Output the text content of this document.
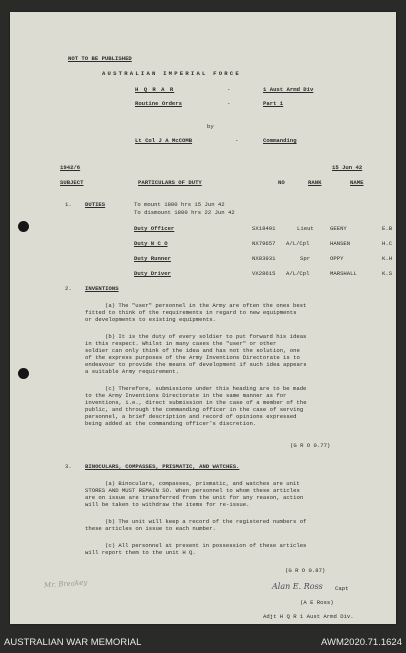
NOT TO BE PUBLISHED
AUSTRALIAN IMPERIAL FORCE
H Q R A R	-	1 Aust Armd Div
Routine Orders	-	Part 1
by
Lt Col J A McCOMB	-	Commanding
1942/6	15 Jun 42
SUBJECT	PARTICULARS OF DUTY	NO	RANK	NAME
1. DUTIES	To mount 1800 hrs 15 Jun 42
To dismount 1800 hrs 22 Jun 42
Duty Officer	SX18491	Lieut	GEENY	E.B
Duty N C O	NX79657 A/L/Cpl	HANSEN	H.C
Duty Runner	NX83931	Spr	OPPY	K.H
Duty Driver	VX28615 A/L/Cpl	MARSHALL	K.S
2. INVENTIONS
(a) The "user" personnel in the Army are often the ones best
fitted to think of the requirements in regard to new equipments
or developments to existing equipments.
(b) It is the duty of every soldier to put forward his ideas
in this respect. Whilst in many cases the "user" or other
soldier can only think of the idea and has not the solution, one
of the express purposes of the Army Inventions Directorate is to
endeavour to provide the means of development if such idea appears
a suitable Army requirement.
(c) Therefore, submissions under this heading are to be made
to the Army Inventions Directorate in the same manner as for
inventions, i.e., direct submission in the case of a member of the
public, and through the commanding officer in the case of serving
personnel, a brief description and record of opinions expressed
being added at the commanding officer's discretion.
(G R O 0.77)
3. BINOCULARS, COMPASSES, PRISMATIC, AND WATCHES.
(a) Binoculars, compasses, prismatic, and watches are unit
STORES AND MUST REMAIN SO. When personnel to whom these articles
are on issue are transferred from the unit for any reason, action
will be taken to withdraw the items for re-issue.
(b) The unit will keep a record of the registered numbers of
these articles on issue to each number.
(c) All personnel at present in possession of these articles
will report them to the unit H Q.
(G R O 0.87)
Mr. Breakey	Alan E. Ross Capt
(A E Ross)
Adjt H Q R 1 Aust Armd Div.
AUSTRALIAN WAR MEMORIAL	AWM2020.71.1624
